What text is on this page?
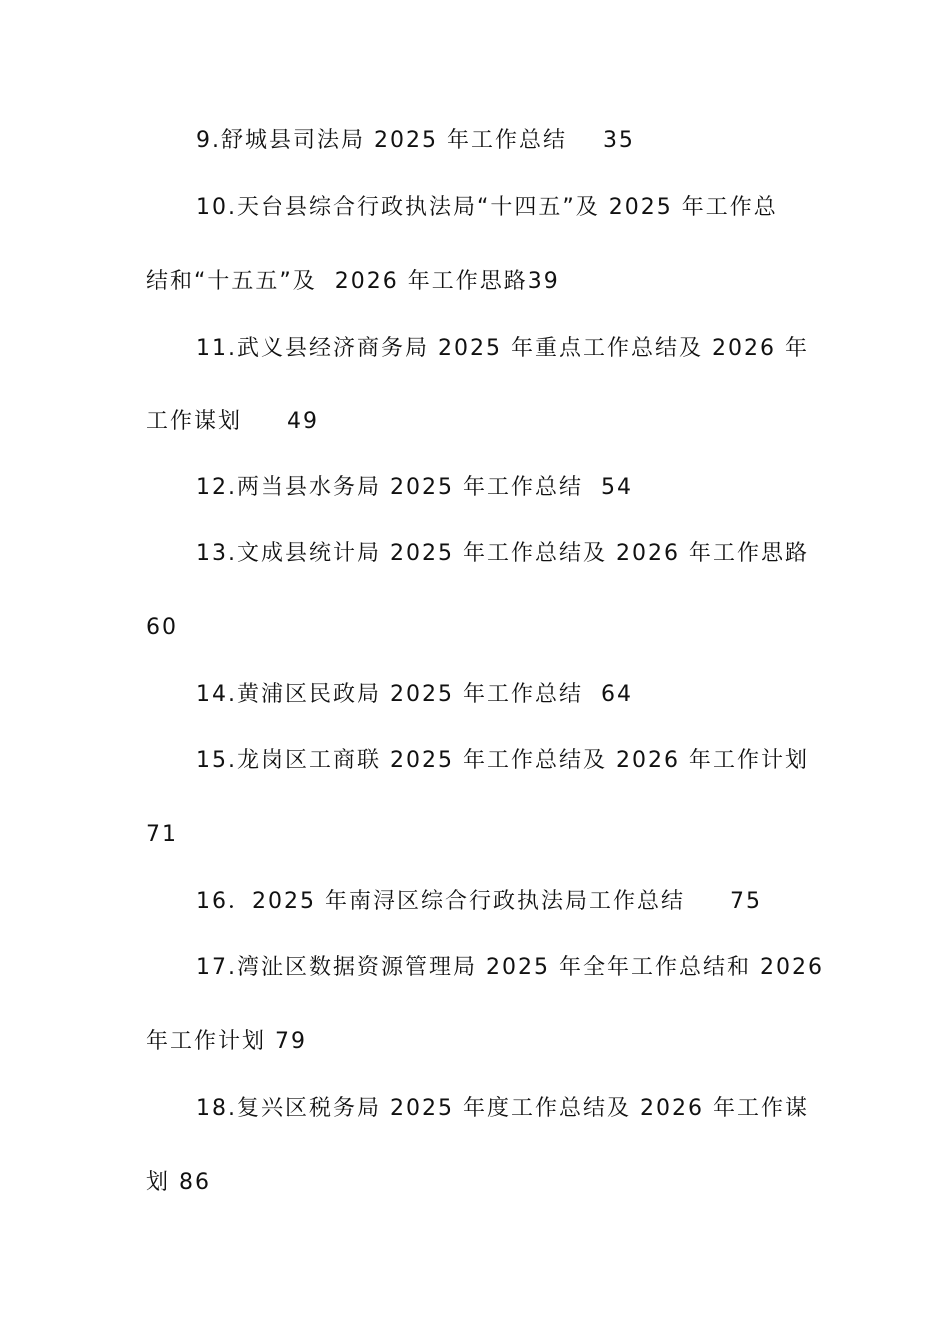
9.舒城县司法局 2025 年工作总结    35
10.天台县综合行政执法局“十四五”及 2025 年工作总
结和“十五五”及  2026 年工作思路39
11.武义县经济商务局 2025 年重点工作总结及 2026 年
工作谋划     49
12.两当县水务局 2025 年工作总结  54
13.文成县统计局 2025 年工作总结及 2026 年工作思路
60
14.黄浦区民政局 2025 年工作总结  64
15.龙岗区工商联 2025 年工作总结及 2026 年工作计划
71
16．2025 年南浔区综合行政执法局工作总结     75
17.湾沚区数据资源管理局 2025 年全年工作总结和 2026
年工作计划 79
18.复兴区税务局 2025 年度工作总结及 2026 年工作谋
划 86
